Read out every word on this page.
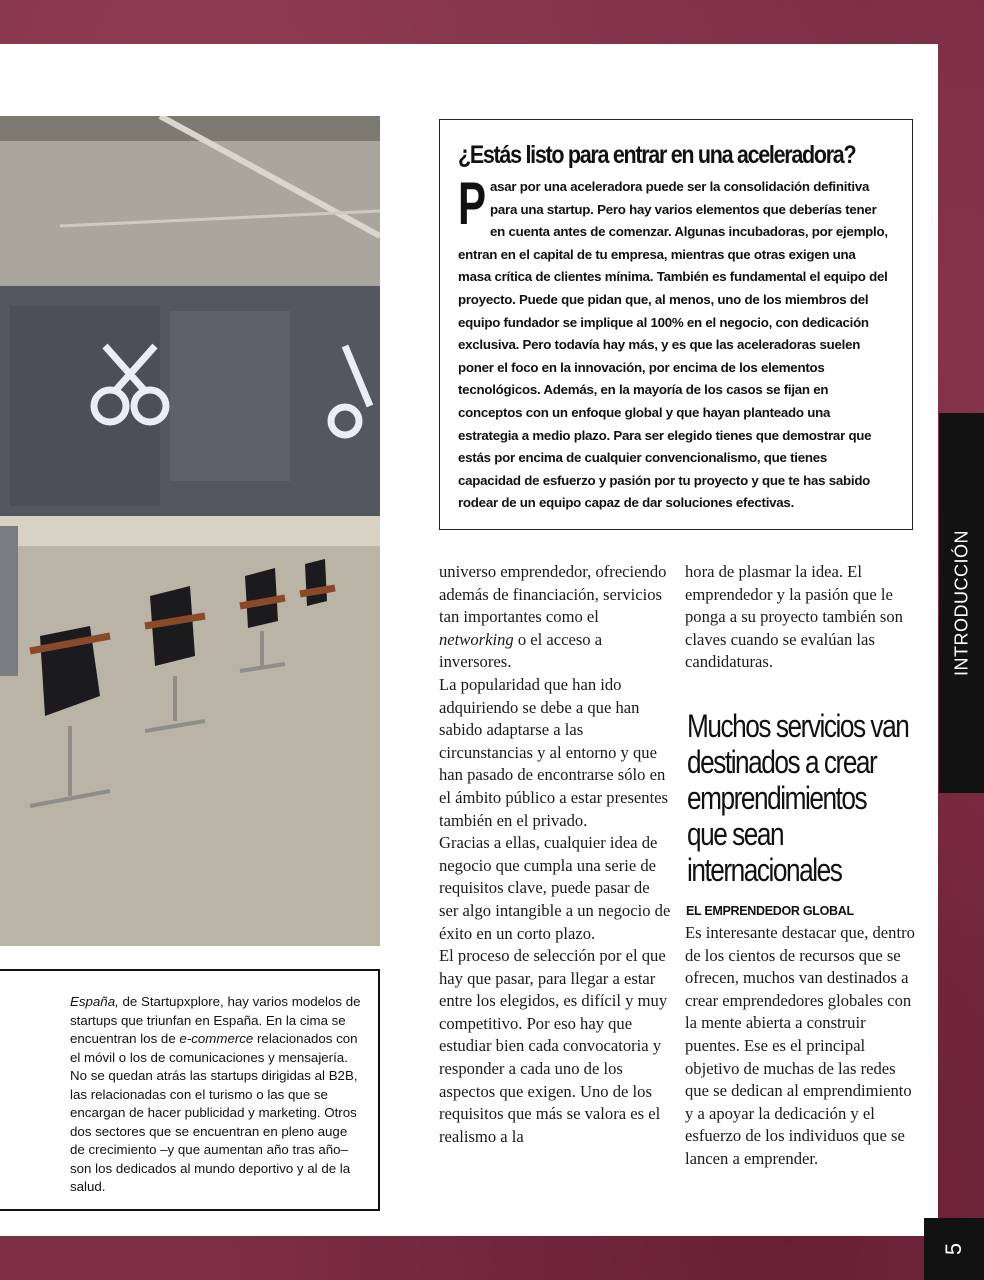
¿Estás listo para entrar en una aceleradora?

Pasar por una aceleradora puede ser la consolidación definitiva para una startup. Pero hay varios elementos que deberías tener en cuenta antes de comenzar. Algunas incubadoras, por ejemplo, entran en el capital de tu empresa, mientras que otras exigen una masa crítica de clientes mínima. También es fundamental el equipo del proyecto. Puede que pidan que, al menos, uno de los miembros del equipo fundador se implique al 100% en el negocio, con dedicación exclusiva. Pero todavía hay más, y es que las aceleradoras suelen poner el foco en la innovación, por encima de los elementos tecnológicos. Además, en la mayoría de los casos se fijan en conceptos con un enfoque global y que hayan planteado una estrategia a medio plazo. Para ser elegido tienes que demostrar que estás por encima de cualquier convencionalismo, que tienes capacidad de esfuerzo y pasión por tu proyecto y que te has sabido rodear de un equipo capaz de dar soluciones efectivas.

universo emprendedor, ofreciendo además de financiación, servicios tan importantes como el networking o el acceso a inversores.

La popularidad que han ido adquiriendo se debe a que han sabido adaptarse a las circunstancias y al entorno y que han pasado de encontrarse sólo en el ámbito público a estar presentes también en el privado.

Gracias a ellas, cualquier idea de negocio que cumpla una serie de requisitos clave, puede pasar de ser algo intangible a un negocio de éxito en un corto plazo.

El proceso de selección por el que hay que pasar, para llegar a estar entre los elegidos, es difícil y muy competitivo. Por eso hay que estudiar bien cada convocatoria y responder a cada uno de los aspectos que exigen. Uno de los requisitos que más se valora es el realismo a la

hora de plasmar la idea. El emprendedor y la pasión que le ponga a su proyecto también son claves cuando se evalúan las candidaturas.

Muchos servicios van destinados a crear emprendimientos que sean internacionales
EL EMPRENDEDOR GLOBAL

Es interesante destacar que, dentro de los cientos de recursos que se ofrecen, muchos van destinados a crear emprendedores globales con la mente abierta a construir puentes. Ese es el principal objetivo de muchas de las redes que se dedican al emprendimiento y a apoyar la dedicación y el esfuerzo de los individuos que se lancen a emprender.

España, de Startupxplore, hay varios modelos de startups que triunfan en España. En la cima se encuentran los de e-commerce relacionados con el móvil o los de comunicaciones y mensajería. No se quedan atrás las startups dirigidas al B2B, las relacionadas con el turismo o las que se encargan de hacer publicidad y marketing. Otros dos sectores que se encuentran en pleno auge de crecimiento –y que aumentan año tras año– son los dedicados al mundo deportivo y al de la salud.

INTRODUCCIÓN
5
